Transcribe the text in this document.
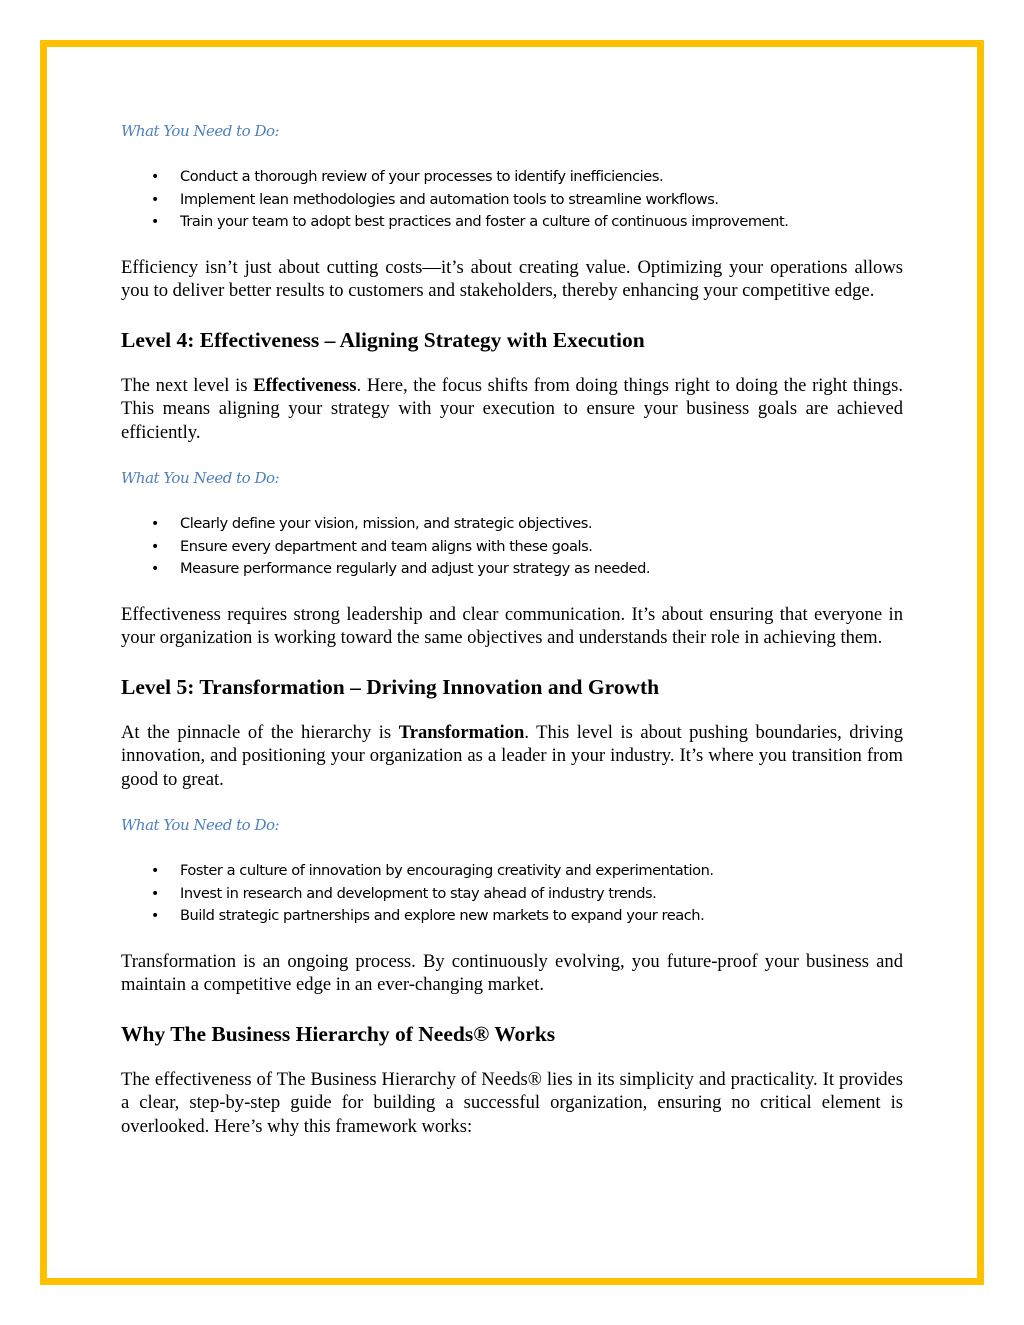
What You Need to Do:

• Conduct a thorough review of your processes to identify inefficiencies.
• Implement lean methodologies and automation tools to streamline workflows.
• Train your team to adopt best practices and foster a culture of continuous improvement.

Efficiency isn’t just about cutting costs—it’s about creating value. Optimizing your operations allows you to deliver better results to customers and stakeholders, thereby enhancing your competitive edge.

Level 4: Effectiveness – Aligning Strategy with Execution

The next level is Effectiveness. Here, the focus shifts from doing things right to doing the right things. This means aligning your strategy with your execution to ensure your business goals are achieved efficiently.

What You Need to Do:

• Clearly define your vision, mission, and strategic objectives.
• Ensure every department and team aligns with these goals.
• Measure performance regularly and adjust your strategy as needed.

Effectiveness requires strong leadership and clear communication. It’s about ensuring that everyone in your organization is working toward the same objectives and understands their role in achieving them.

Level 5: Transformation – Driving Innovation and Growth

At the pinnacle of the hierarchy is Transformation. This level is about pushing boundaries, driving innovation, and positioning your organization as a leader in your industry. It’s where you transition from good to great.

What You Need to Do:

• Foster a culture of innovation by encouraging creativity and experimentation.
• Invest in research and development to stay ahead of industry trends.
• Build strategic partnerships and explore new markets to expand your reach.

Transformation is an ongoing process. By continuously evolving, you future-proof your business and maintain a competitive edge in an ever-changing market.

Why The Business Hierarchy of Needs® Works

The effectiveness of The Business Hierarchy of Needs® lies in its simplicity and practicality. It provides a clear, step-by-step guide for building a successful organization, ensuring no critical element is overlooked. Here’s why this framework works:
